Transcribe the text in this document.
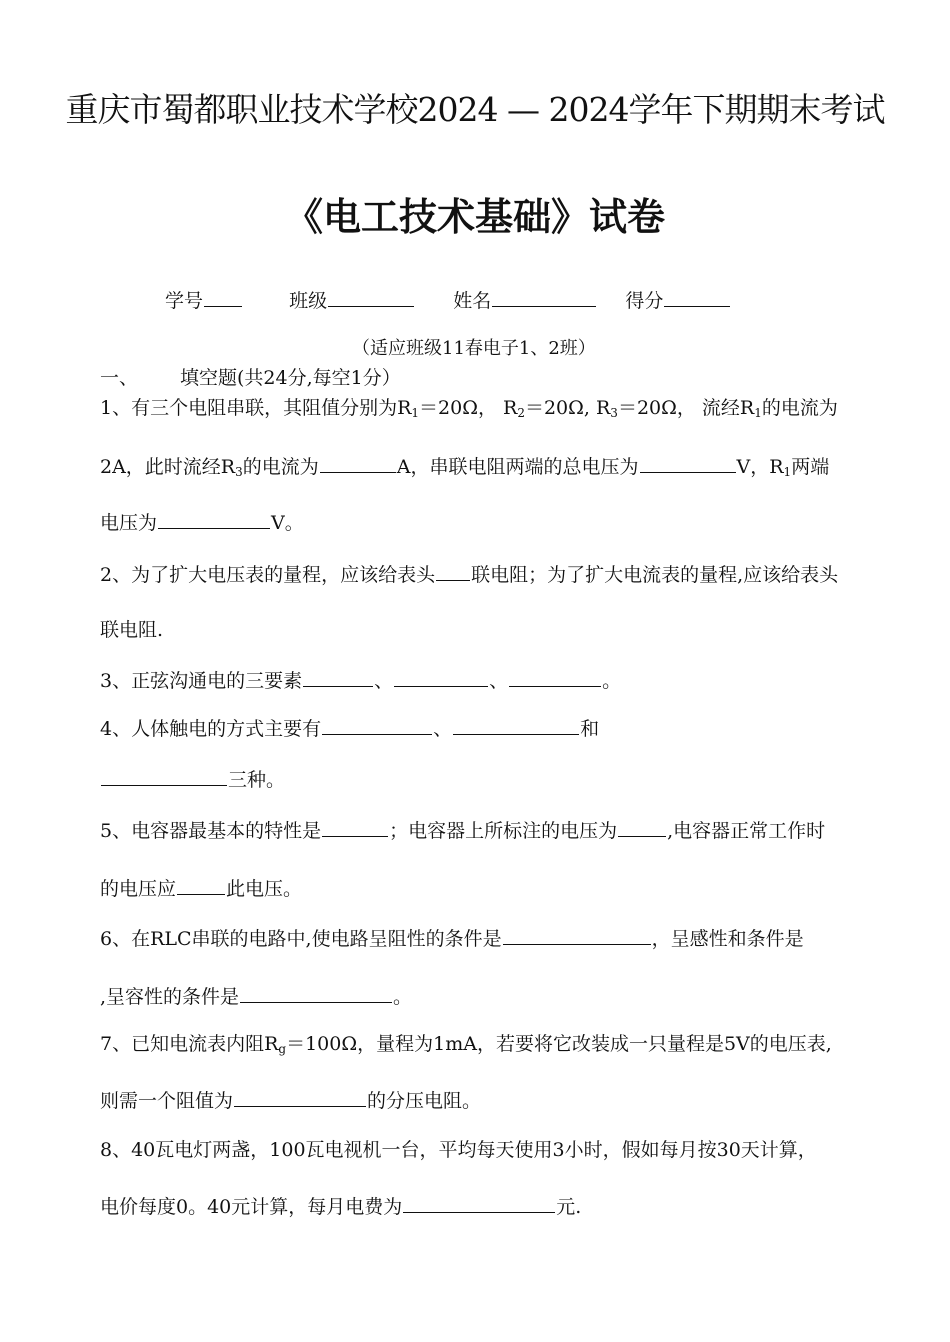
重庆市蜀都职业技术学校2024 — 2024学年下期期末考试
《电工技术基础》试卷
学号	班级	姓名	得分
（适应班级11春电子1、2班）
一、 填空题(共24分,每空1分）
1、有三个电阻串联，其阻值分别为$R_1=20\Omega$， $R_2=20\Omega$, $R_3=20\Omega$， 流经$R_1$的电流为
2A，此时流经$R_3$的电流为	A，串联电阻两端的总电压为	V，$R_1$两端
电压为	V。
2、为了扩大电压表的量程，应该给表头 联电阻；为了扩大电流表的量程,应该给表头
联电阻.
3、正弦沟通电的三要素	、	、	。
4、人体触电的方式主要有	、	和
三种。
5、电容器最基本的特性是	；电容器上所标注的电压为	,电容器正常工作时
的电压应	此电压。
6、在RLC串联的电路中,使电路呈阻性的条件是	，呈感性和条件是
,呈容性的条件是	。
7、已知电流表内阻$R_g=100\Omega$，量程为1mA，若要将它改装成一只量程是5V的电压表,
则需一个阻值为	的分压电阻。
8、40瓦电灯两盏，100瓦电视机一台，平均每天使用3小时，假如每月按30天计算，
电价每度0。40元计算，每月电费为	元.
